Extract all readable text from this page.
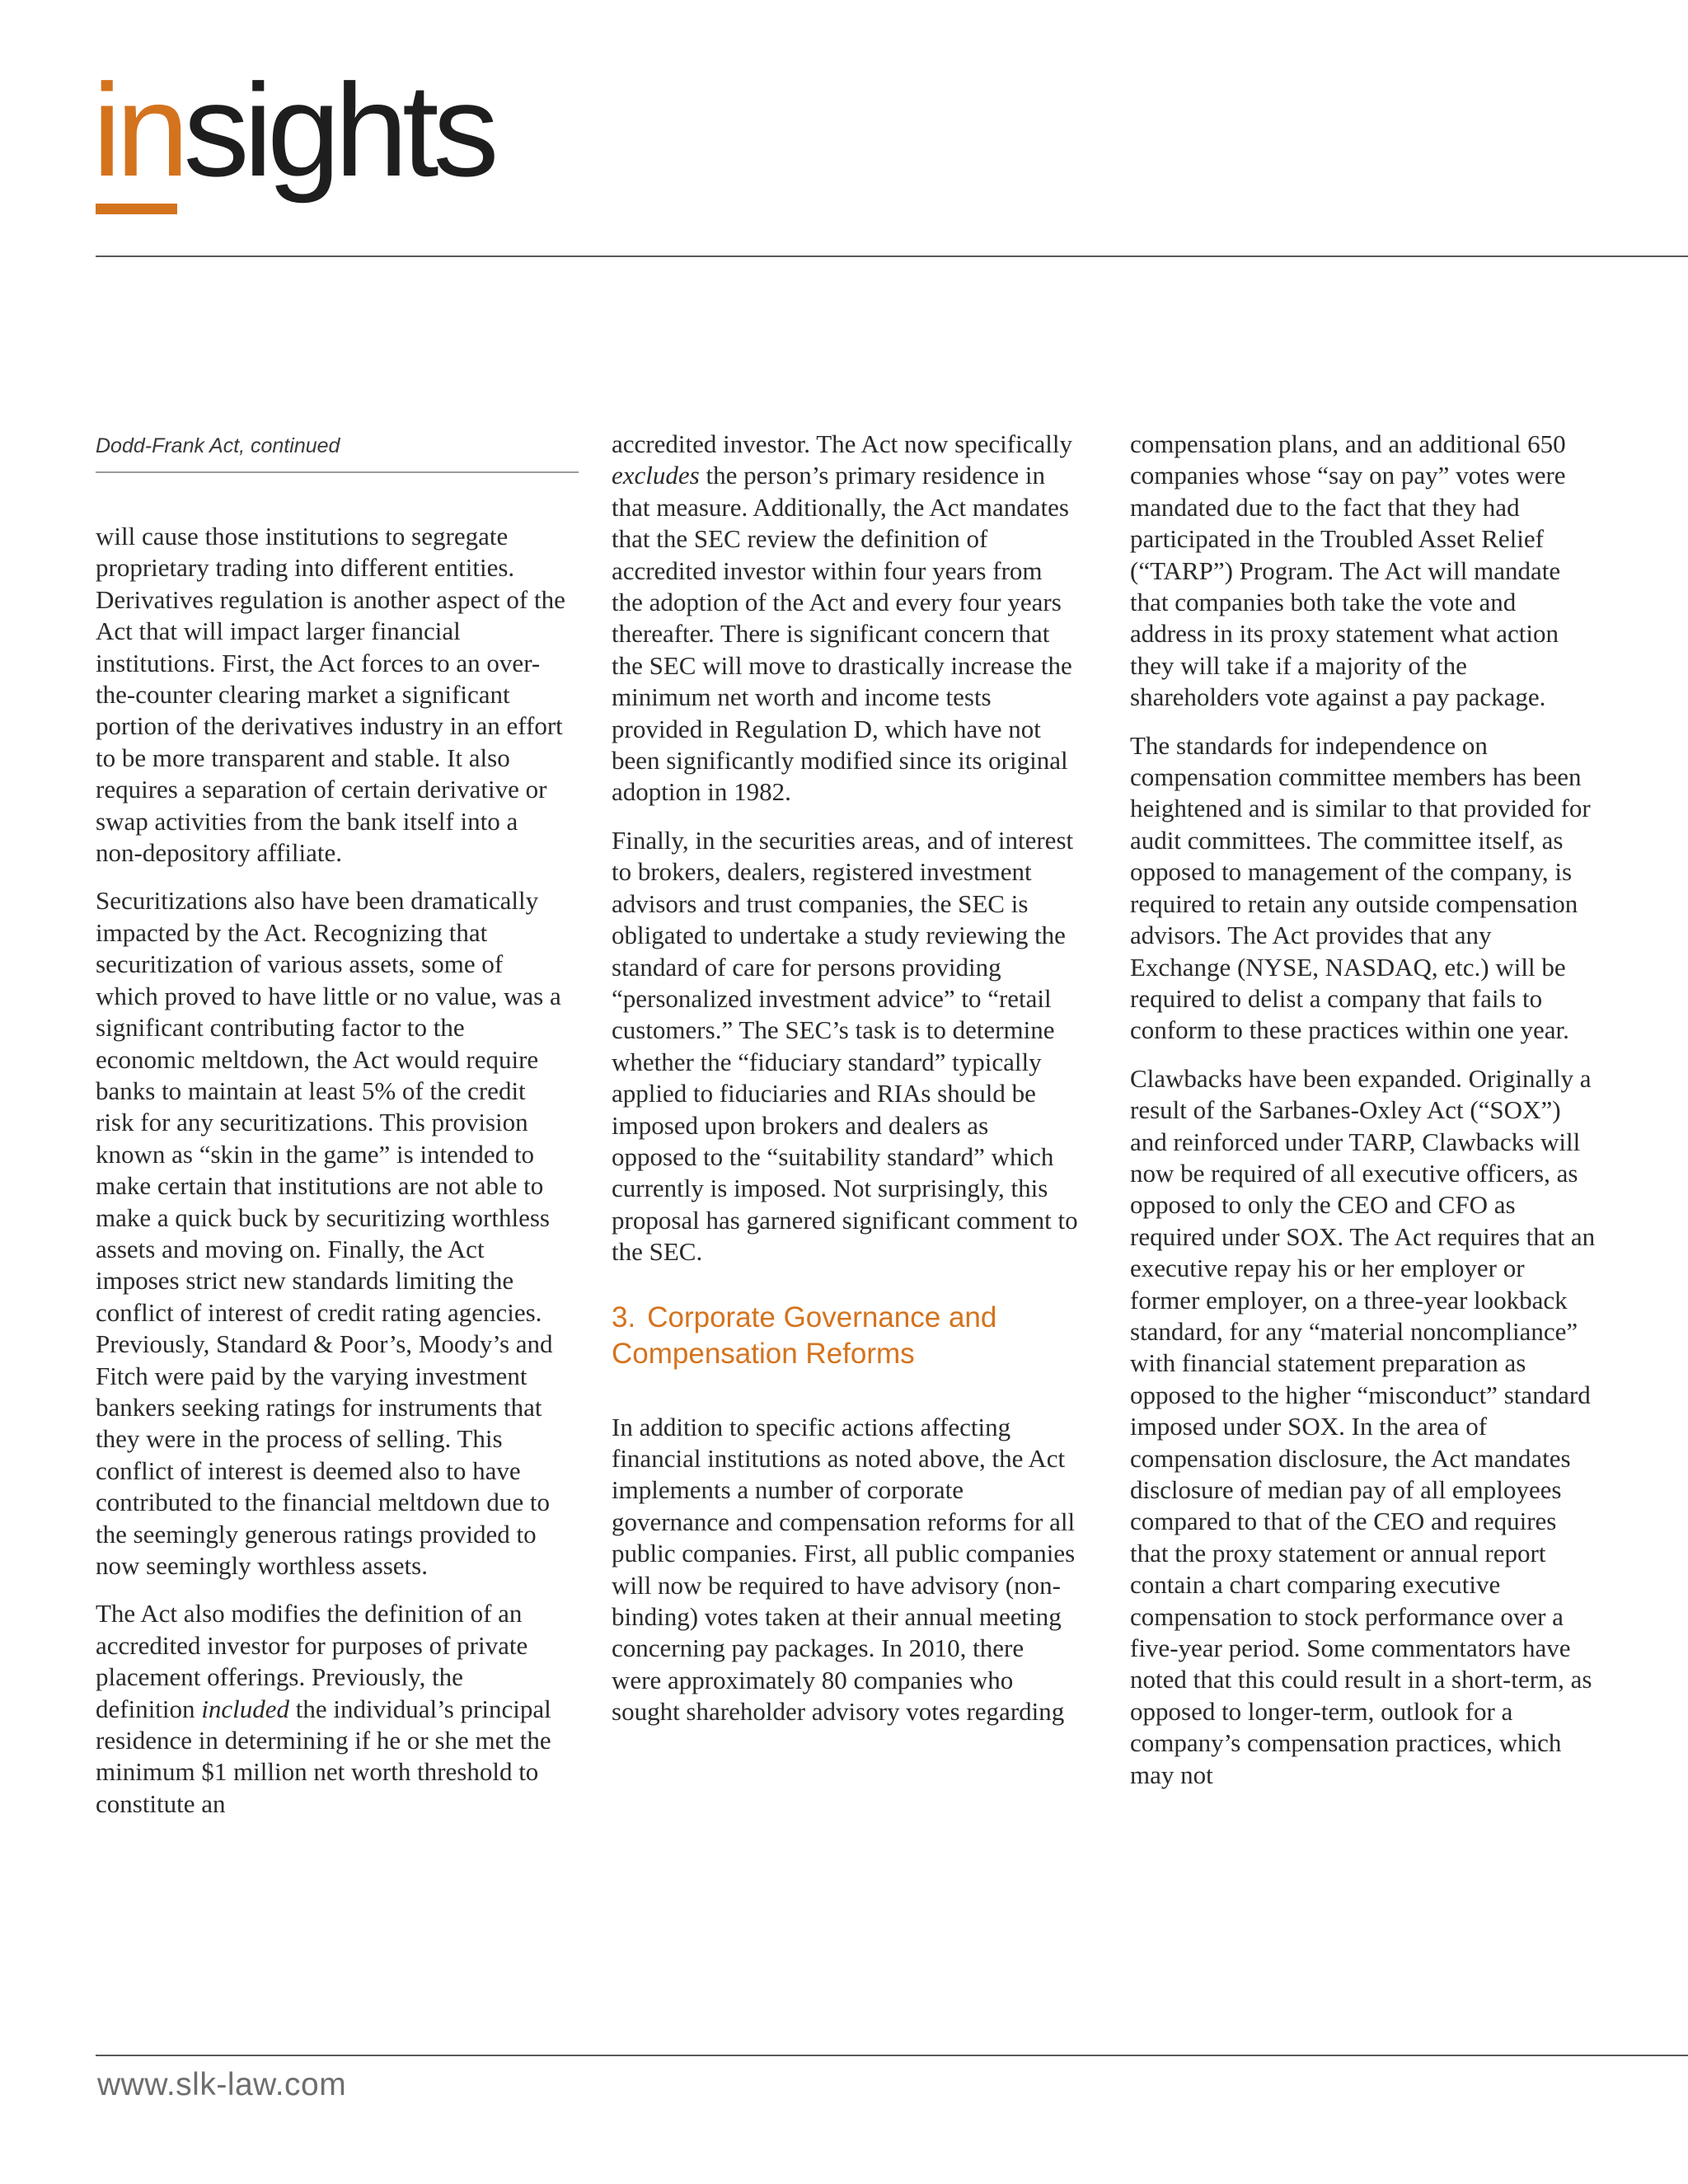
insights
Dodd-Frank Act, continued

will cause those institutions to segregate proprietary trading into different entities. Derivatives regulation is another aspect of the Act that will impact larger financial institutions. First, the Act forces to an over-the-counter clearing market a significant portion of the derivatives industry in an effort to be more transparent and stable. It also requires a separation of certain derivative or swap activities from the bank itself into a non-depository affiliate.

Securitizations also have been dramatically impacted by the Act. Recognizing that securitization of various assets, some of which proved to have little or no value, was a significant contributing factor to the economic meltdown, the Act would require banks to maintain at least 5% of the credit risk for any securitizations. This provision known as “skin in the game” is intended to make certain that institutions are not able to make a quick buck by securitizing worthless assets and moving on. Finally, the Act imposes strict new standards limiting the conflict of interest of credit rating agencies. Previously, Standard & Poor’s, Moody’s and Fitch were paid by the varying investment bankers seeking ratings for instruments that they were in the process of selling. This conflict of interest is deemed also to have contributed to the financial meltdown due to the seemingly generous ratings provided to now seemingly worthless assets.

The Act also modifies the definition of an accredited investor for purposes of private placement offerings. Previously, the definition included the individual’s principal residence in determining if he or she met the minimum $1 million net worth threshold to constitute an

accredited investor. The Act now specifically excludes the person’s primary residence in that measure. Additionally, the Act mandates that the SEC review the definition of accredited investor within four years from the adoption of the Act and every four years thereafter. There is significant concern that the SEC will move to drastically increase the minimum net worth and income tests provided in Regulation D, which have not been significantly modified since its original adoption in 1982.

Finally, in the securities areas, and of interest to brokers, dealers, registered investment advisors and trust companies, the SEC is obligated to undertake a study reviewing the standard of care for persons providing “personalized investment advice” to “retail customers.” The SEC’s task is to determine whether the “fiduciary standard” typically applied to fiduciaries and RIAs should be imposed upon brokers and dealers as opposed to the “suitability standard” which currently is imposed. Not surprisingly, this proposal has garnered significant comment to the SEC.

3. Corporate Governance and Compensation Reforms

In addition to specific actions affecting financial institutions as noted above, the Act implements a number of corporate governance and compensation reforms for all public companies. First, all public companies will now be required to have advisory (non-binding) votes taken at their annual meeting concerning pay packages. In 2010, there were approximately 80 companies who sought shareholder advisory votes regarding

compensation plans, and an additional 650 companies whose “say on pay” votes were mandated due to the fact that they had participated in the Troubled Asset Relief (“TARP”) Program. The Act will mandate that companies both take the vote and address in its proxy statement what action they will take if a majority of the shareholders vote against a pay package.

The standards for independence on compensation committee members has been heightened and is similar to that provided for audit committees. The committee itself, as opposed to management of the company, is required to retain any outside compensation advisors. The Act provides that any Exchange (NYSE, NASDAQ, etc.) will be required to delist a company that fails to conform to these practices within one year.

Clawbacks have been expanded. Originally a result of the Sarbanes-Oxley Act (“SOX”) and reinforced under TARP, Clawbacks will now be required of all executive officers, as opposed to only the CEO and CFO as required under SOX. The Act requires that an executive repay his or her employer or former employer, on a three-year lookback standard, for any “material noncompliance” with financial statement preparation as opposed to the higher “misconduct” standard imposed under SOX. In the area of compensation disclosure, the Act mandates disclosure of median pay of all employees compared to that of the CEO and requires that the proxy statement or annual report contain a chart comparing executive compensation to stock performance over a five-year period. Some commentators have noted that this could result in a short-term, as opposed to longer-term, outlook for a company’s compensation practices, which may not

www.slk-law.com
